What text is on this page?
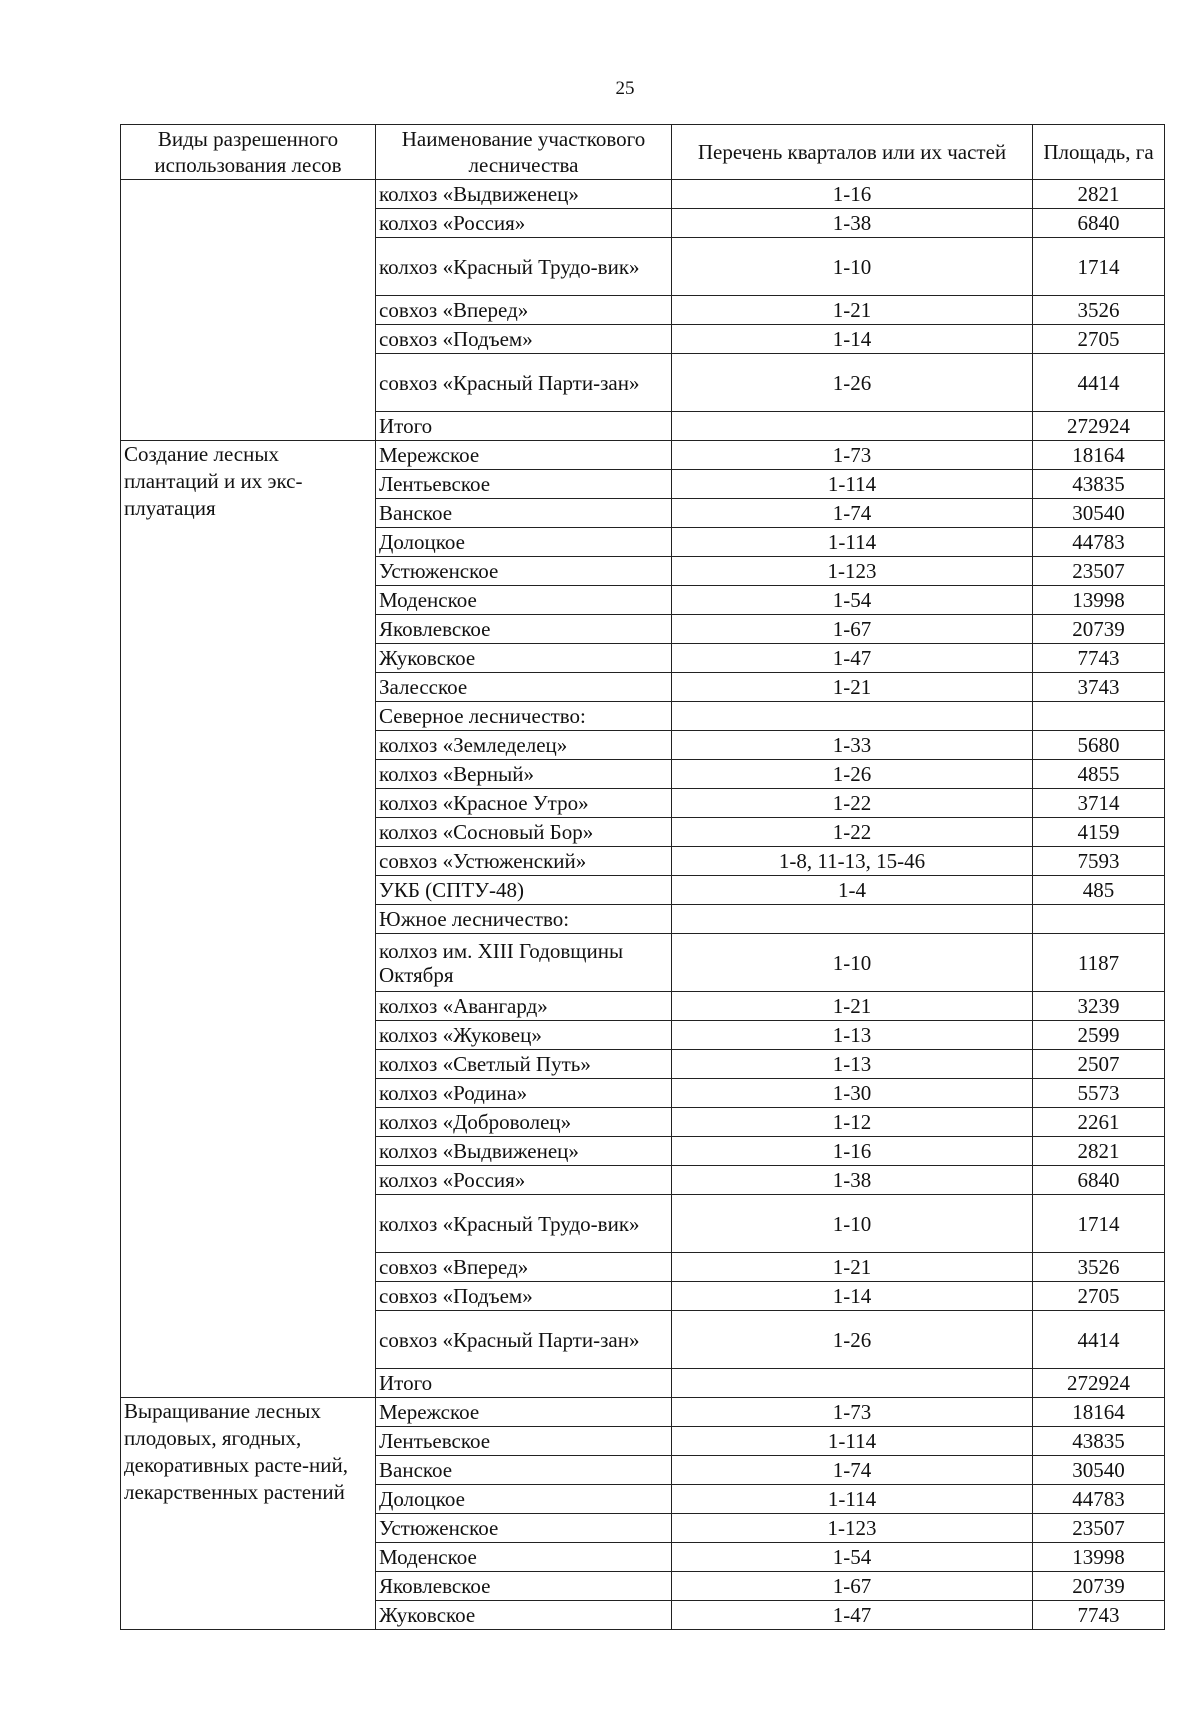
25
Виды разрешенного использования лесов	Наименование участкового лесничества	Перечень кварталов или их частей	Площадь, га
	колхоз «Выдвиженец»	1-16	2821
	колхоз «Россия»	1-38	6840
	колхоз «Красный Трудо-вик»	1-10	1714
	совхоз «Вперед»	1-21	3526
	совхоз «Подъем»	1-14	2705
	совхоз «Красный Парти-зан»	1-26	4414
	Итого		272924
Создание лесных плантаций и их экс-плуатация	Мережское	1-73	18164
	Лентьевское	1-114	43835
	Ванское	1-74	30540
	Долоцкое	1-114	44783
	Устюженское	1-123	23507
	Моденское	1-54	13998
	Яковлевское	1-67	20739
	Жуковское	1-47	7743
	Залесское	1-21	3743
	Северное лесничество:		
	колхоз «Земледелец»	1-33	5680
	колхоз «Верный»	1-26	4855
	колхоз «Красное Утро»	1-22	3714
	колхоз «Сосновый Бор»	1-22	4159
	совхоз «Устюженский»	1-8, 11-13, 15-46	7593
	УКБ (СПТУ-48)	1-4	485
	Южное лесничество:		
	колхоз им. XIII Годовщины Октября	1-10	1187
	колхоз «Авангард»	1-21	3239
	колхоз «Жуковец»	1-13	2599
	колхоз «Светлый Путь»	1-13	2507
	колхоз «Родина»	1-30	5573
	колхоз «Доброволец»	1-12	2261
	колхоз «Выдвиженец»	1-16	2821
	колхоз «Россия»	1-38	6840
	колхоз «Красный Трудо-вик»	1-10	1714
	совхоз «Вперед»	1-21	3526
	совхоз «Подъем»	1-14	2705
	совхоз «Красный Парти-зан»	1-26	4414
	Итого		272924
Выращивание лесных плодовых, ягодных, декоративных расте-ний, лекарственных растений	Мережское	1-73	18164
	Лентьевское	1-114	43835
	Ванское	1-74	30540
	Долоцкое	1-114	44783
	Устюженское	1-123	23507
	Моденское	1-54	13998
	Яковлевское	1-67	20739
	Жуковское	1-47	7743
